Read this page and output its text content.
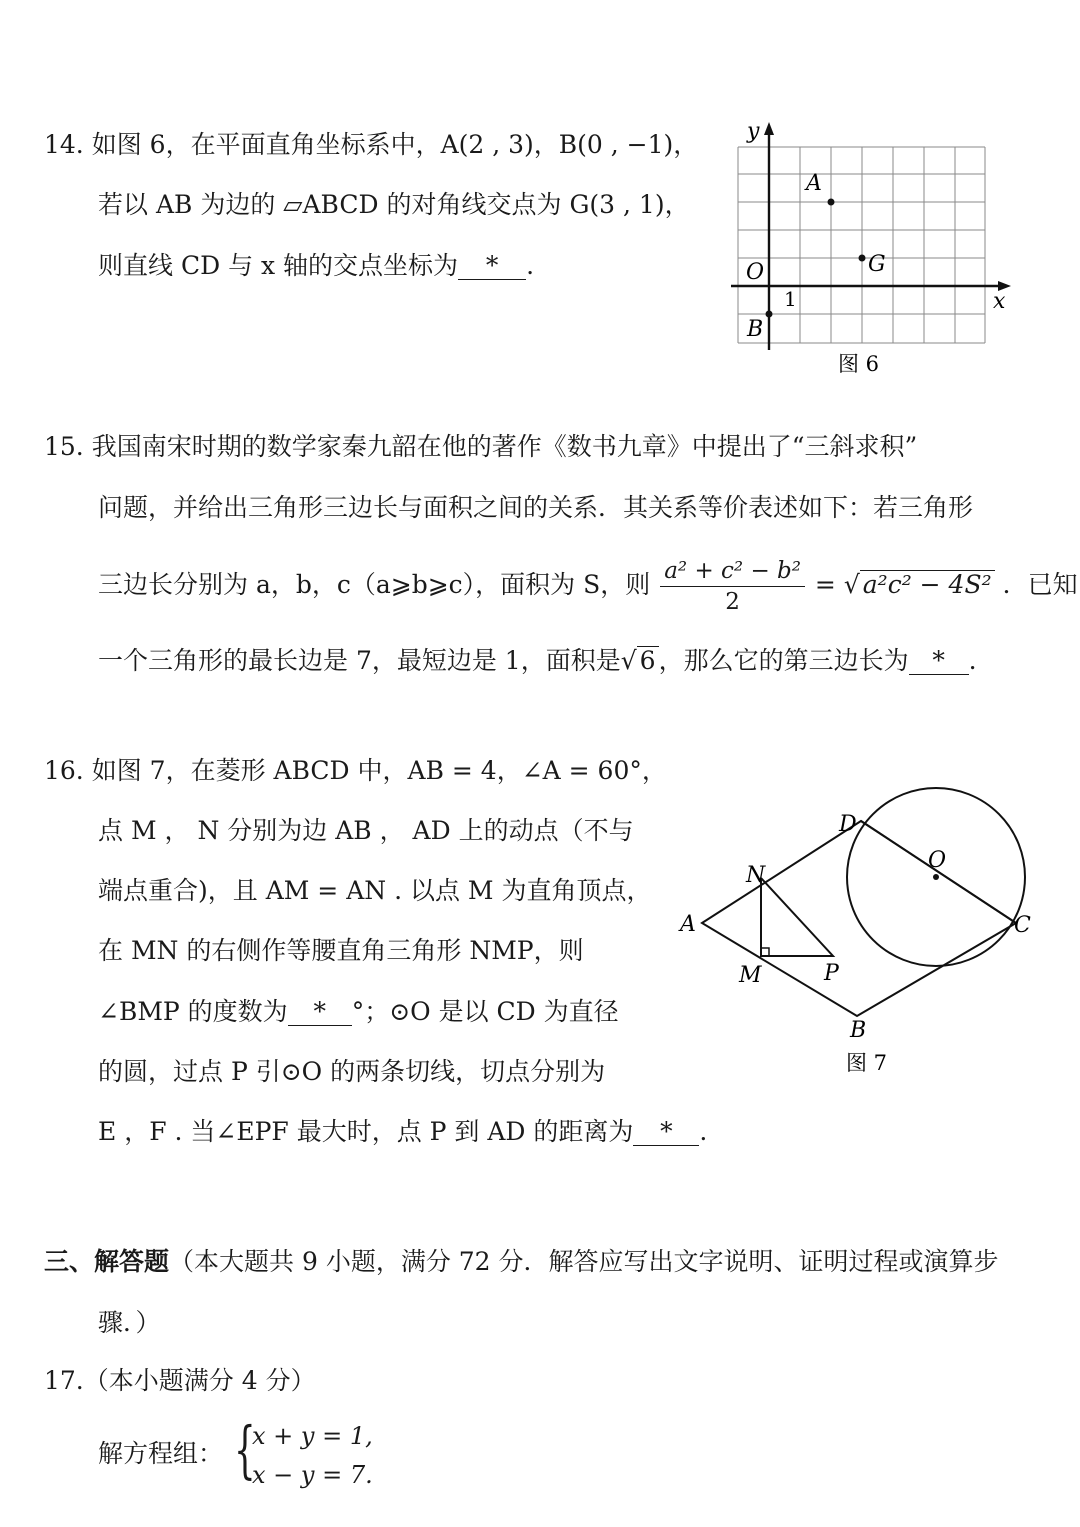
14. 如图 6，在平面直角坐标系中，A(2 , 3)，B(0 , −1)，
若以 AB 为边的 ▱ABCD 的对角线交点为 G(3 , 1)，
则直线 CD 与 x 轴的交点坐标为 * .
y
x
O
1
A
G
B
图 6
15. 我国南宋时期的数学家秦九韶在他的著作《数书九章》中提出了“三斜求积”
问题，并给出三角形三边长与面积之间的关系．其关系等价表述如下：若三角形
三边长分别为 a，b，c（a⩾b⩾c），面积为 S，则 $\frac{\text{a² + c² − b²}}{2}$ = √ a²c² − 4S² ．已知
一个三角形的最长边是 7，最短边是 1，面积是√ 6 ，那么它的第三边长为 * .
16. 如图 7，在菱形 ABCD 中，AB = 4，∠A = 60°，
点 M ， N 分别为边 AB ， AD 上的动点（不与
端点重合)，且 AM = AN . 以点 M 为直角顶点，
在 MN 的右侧作等腰直角三角形 NMP，则
∠BMP 的度数为 * °；⊙O 是以 CD 为直径
的圆，过点 P 引⊙O 的两条切线，切点分别为
E ，F . 当∠EPF 最大时，点 P 到 AD 的距离为 * .
A
B
C
D
N
M	P
O
图 7
三、解答题（本大题共 9 小题，满分 72 分．解答应写出文字说明、证明过程或演算步
骤．）
17.（本小题满分 4 分）
解方程组： {
x + y = 1,
x − y = 7.
